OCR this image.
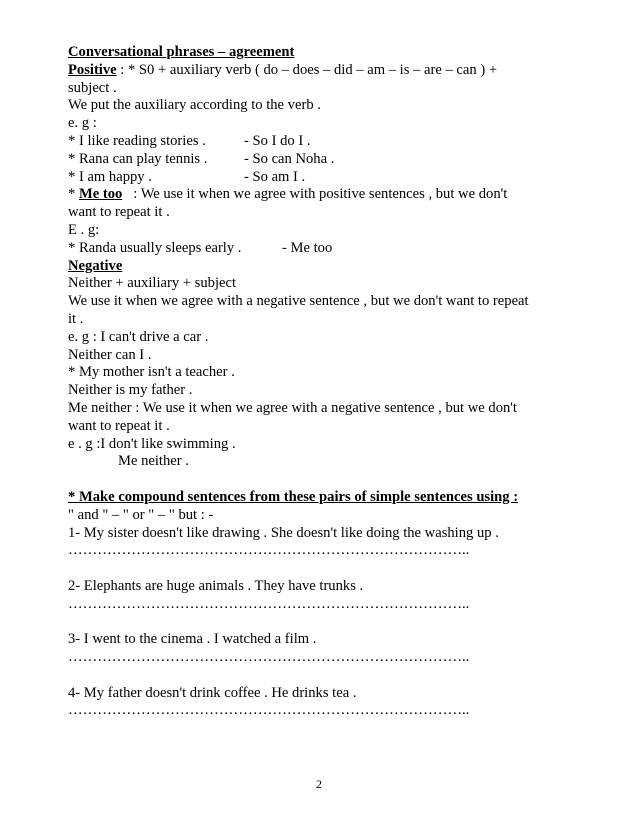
Conversational phrases – agreement
Positive : * S0 + auxiliary verb ( do – does – did – am – is – are – can ) +
subject .
We put the auxiliary according to the verb .
e. g :
* I like reading stories .	- So I do I .
* Rana can play tennis .	- So can Noha .
* I am happy .	- So am I .
* Me too   : We use it when we agree with positive sentences , but we don't
want to repeat it .
E . g:
* Randa usually sleeps early .	- Me too
Negative
Neither + auxiliary + subject
We use it when we agree with a negative sentence , but we don't want to repeat
it .
e. g : I can't drive a car .
Neither can I .
* My mother isn't a teacher .
Neither is my father .
Me neither : We use it when we agree with a negative sentence , but we don't
want to repeat it .
e . g :I don't like swimming .
Me neither .
* Make compound sentences from these pairs of simple sentences using :
" and " – " or " – " but : -
1- My sister doesn't like drawing . She doesn't like doing the washing up .
………………………………………………………………………..
2- Elephants are huge animals . They have trunks .
………………………………………………………………………..
3- I went to the cinema . I watched a film .
………………………………………………………………………..
4- My father doesn't drink coffee . He drinks tea .
………………………………………………………………………..
2
